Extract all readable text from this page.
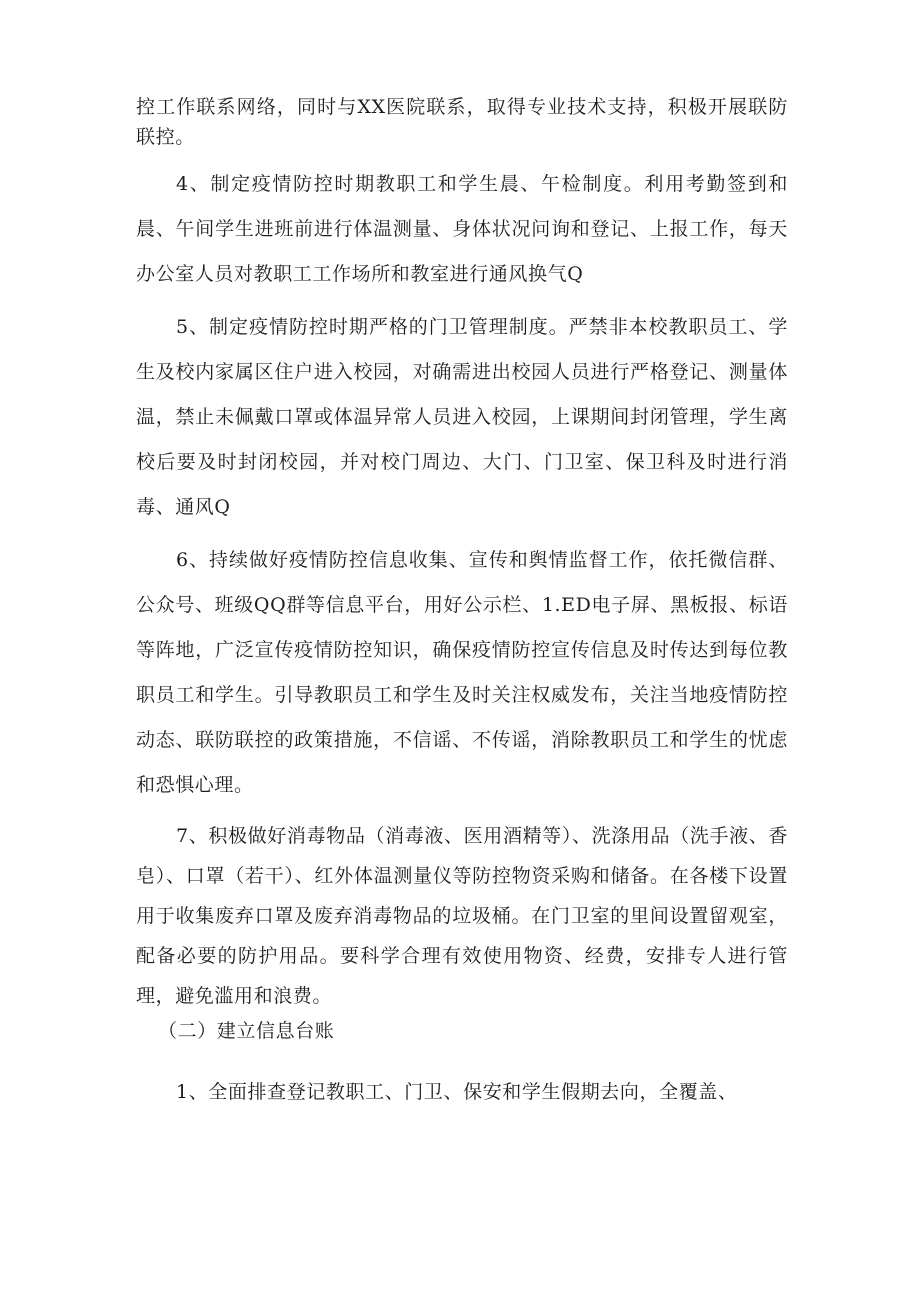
控工作联系网络，同时与XX医院联系，取得专业技术支持，积极开展联防联控。

4、制定疫情防控时期教职工和学生晨、午检制度。利用考勤签到和晨、午间学生进班前进行体温测量、身体状况问询和登记、上报工作，每天办公室人员对教职工工作场所和教室进行通风换气Q

5、制定疫情防控时期严格的门卫管理制度。严禁非本校教职员工、学生及校内家属区住户进入校园，对确需进出校园人员进行严格登记、测量体温，禁止未佩戴口罩或体温异常人员进入校园，上课期间封闭管理，学生离校后要及时封闭校园，并对校门周边、大门、门卫室、保卫科及时进行消毒、通风Q

6、持续做好疫情防控信息收集、宣传和舆情监督工作，依托微信群、公众号、班级QQ群等信息平台，用好公示栏、1.ED电子屏、黑板报、标语等阵地，广泛宣传疫情防控知识，确保疫情防控宣传信息及时传达到每位教职员工和学生。引导教职员工和学生及时关注权威发布，关注当地疫情防控动态、联防联控的政策措施，不信谣、不传谣，消除教职员工和学生的忧虑和恐惧心理。

7、积极做好消毒物品（消毒液、医用酒精等）、洗涤用品（洗手液、香皂）、口罩（若干）、红外体温测量仪等防控物资采购和储备。在各楼下设置用于收集废弃口罩及废弃消毒物品的垃圾桶。在门卫室的里间设置留观室，配备必要的防护用品。要科学合理有效使用物资、经费，安排专人进行管理，避免滥用和浪费。

（二）建立信息台账

1、全面排查登记教职工、门卫、保安和学生假期去向，全覆盖、
